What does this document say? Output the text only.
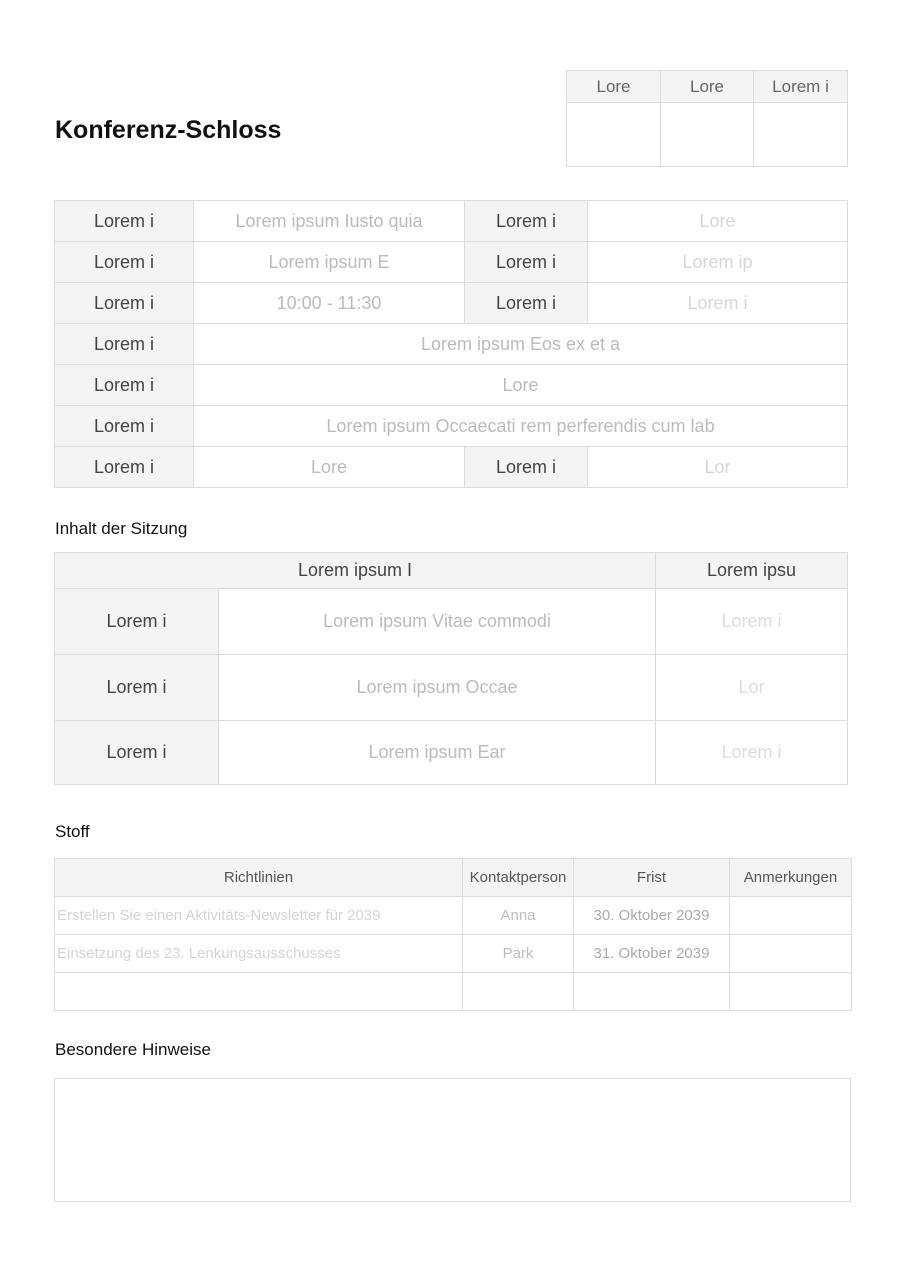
Konferenz-Schloss
Lore	Lore	Lorem i

Lorem i	Lorem ipsum Iusto quia	Lorem i	Lore
Lorem i	Lorem ipsum E	Lorem i	Lorem ip
Lorem i	10:00 - 11:30	Lorem i	Lorem i
Lorem i	Lorem ipsum Eos ex et a		
Lorem i	Lore		
Lorem i	Lorem ipsum Occaecati rem perferendis cum lab		
Lorem i	Lore	Lorem i	Lor
Inhalt der Sitzung
Lorem ipsum I		Lorem ipsu
Lorem i	Lorem ipsum Vitae commodi	Lorem i
Lorem i	Lorem ipsum Occae	Lor
Lorem i	Lorem ipsum Ear	Lorem i
Stoff
Richtlinien	Kontaktperson	Frist	Anmerkungen
Erstellen Sie einen Aktivitäts-Newsletter für 2039	Anna	30. Oktober 2039	
Einsetzung des 23. Lenkungsausschusses	Park	31. Oktober 2039	

Besondere Hinweise
